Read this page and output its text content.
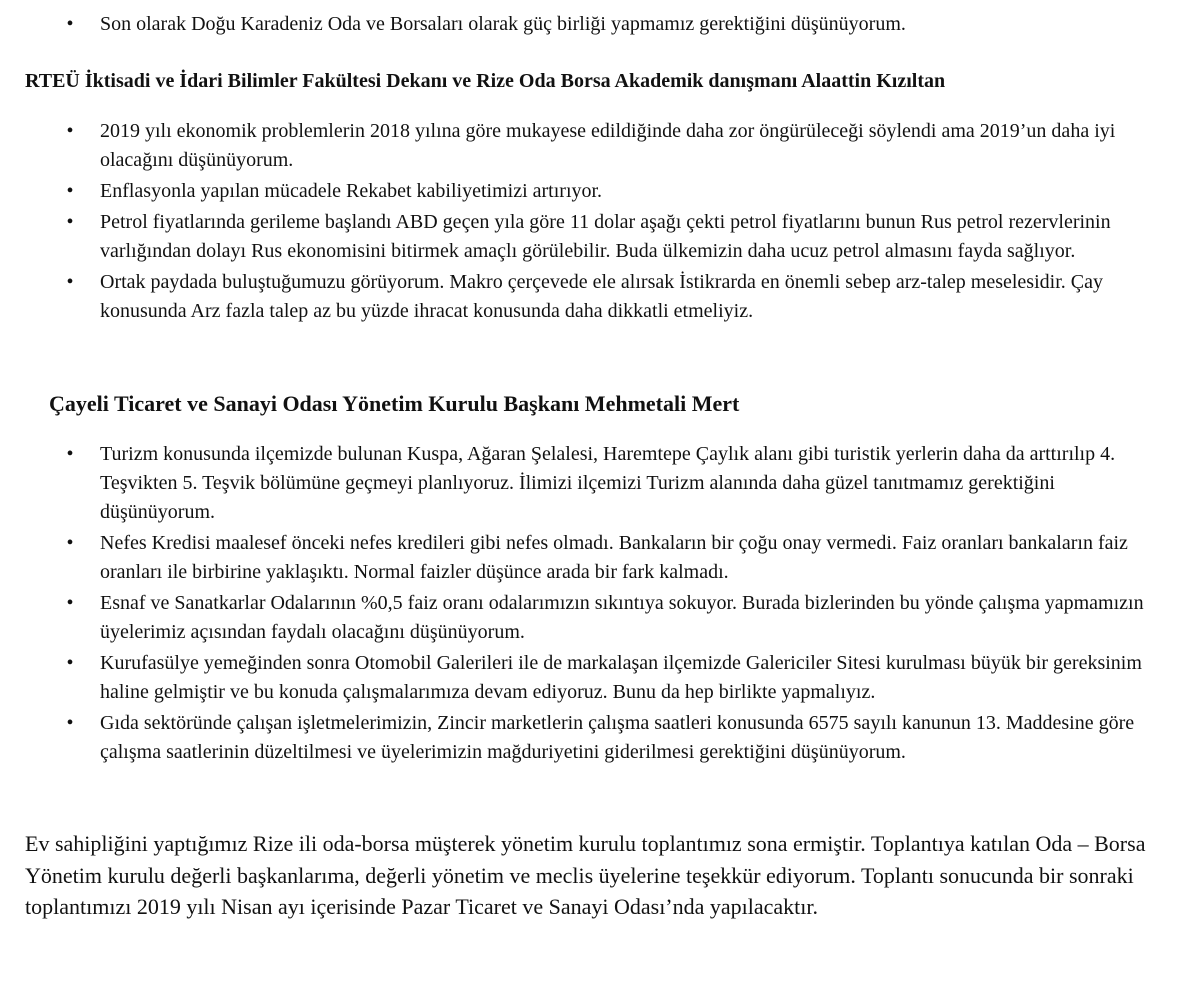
•	Son olarak Doğu Karadeniz Oda ve Borsaları olarak güç birliği yapmamız gerektiğini düşünüyorum.

RTEÜ İktisadi ve İdari Bilimler Fakültesi Dekanı ve Rize Oda Borsa Akademik danışmanı Alaattin Kızıltan

•	2019 yılı ekonomik problemlerin 2018 yılına göre mukayese edildiğinde daha zor öngürüleceği söylendi ama 2019’un daha iyi olacağını düşünüyorum.
•	Enflasyonla yapılan mücadele Rekabet kabiliyetimizi artırıyor.
•	Petrol fiyatlarında gerileme başlandı ABD geçen yıla göre 11 dolar aşağı çekti petrol fiyatlarını bunun Rus petrol rezervlerinin varlığından dolayı Rus ekonomisini bitirmek amaçlı görülebilir. Buda ülkemizin daha ucuz petrol almasını fayda sağlıyor.
•	Ortak paydada buluştuğumuzu görüyorum. Makro çerçevede ele alırsak İstikrarda en önemli sebep arz-talep meselesidir. Çay konusunda Arz fazla talep az bu yüzde ihracat konusunda daha dikkatli etmeliyiz.

Çayeli Ticaret ve Sanayi Odası Yönetim Kurulu Başkanı Mehmetali Mert

•	Turizm konusunda ilçemizde bulunan Kuspa, Ağaran Şelalesi, Haremtepe Çaylık alanı gibi turistik yerlerin daha da arttırılıp 4. Teşvikten 5. Teşvik bölümüne geçmeyi planlıyoruz. İlimizi ilçemizi Turizm alanında daha güzel tanıtmamız gerektiğini düşünüyorum.
•	Nefes Kredisi maalesef önceki nefes kredileri gibi nefes olmadı. Bankaların bir çoğu onay vermedi. Faiz oranları bankaların faiz oranları ile birbirine yaklaşıktı. Normal faizler düşünce arada bir fark kalmadı.
•	Esnaf ve Sanatkarlar Odalarının %0,5 faiz oranı odalarımızın sıkıntıya sokuyor. Burada bizlerinden bu yönde çalışma yapmamızın üyelerimiz açısından faydalı olacağını düşünüyorum.
•	Kurufasülye yemeğinden sonra Otomobil Galerileri ile de markalaşan ilçemizde Galericiler Sitesi kurulması büyük bir gereksinim haline gelmiştir ve bu konuda çalışmalarımıza devam ediyoruz. Bunu da hep birlikte yapmalıyız.
•	Gıda sektöründe çalışan işletmelerimizin, Zincir marketlerin çalışma saatleri konusunda 6575 sayılı kanunun 13. Maddesine göre çalışma saatlerinin düzeltilmesi ve üyelerimizin mağduriyetini giderilmesi gerektiğini düşünüyorum.

Ev sahipliğini yaptığımız Rize ili oda-borsa müşterek yönetim kurulu toplantımız sona ermiştir. Toplantıya katılan Oda – Borsa Yönetim kurulu değerli başkanlarıma, değerli yönetim ve meclis üyelerine teşekkür ediyorum. Toplantı sonucunda bir sonraki toplantımızı 2019 yılı Nisan ayı içerisinde Pazar Ticaret ve Sanayi Odası’nda yapılacaktır.
